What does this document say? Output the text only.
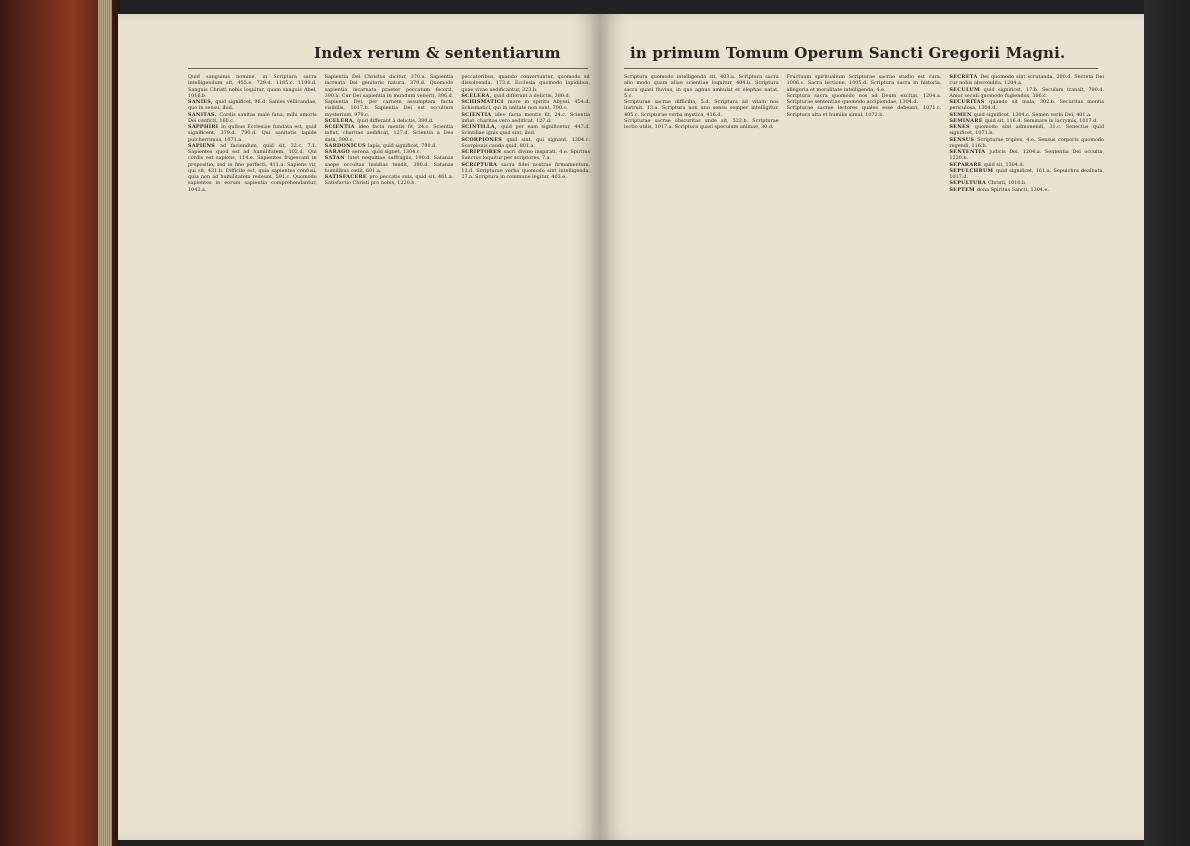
Index rerum & sententiarum

Quid sanguinis nomine, in Scriptura sacra intelligendum sit, 455.e. 729.d. 1185.c. 1190.d. Sanguis Christi nobis loquitur, quam sanguis Abel, 1016.b.

SANIES, quid significet, 96.d. Sanies vellicandae, quo in sensu, ibid.

SANITAS. Cordis sanitas malè fana, mihi amoris Dei conficit, 160.c.

SAPPHIRI in quibus Ecclesiae fundata est, quid significent, 379.d. 790.d. Qui sanitatis lapide pulcherrimus, 1071.a.

SAPIENS ad faciendum, quid sit, 32.c. 7.1. Sapientes quod est ad humilitatem, 102.d. Qui cordis est sapiens, 114.e. Sapientes frigescant in propositio, sed in fine perfecti, 411.a. Sapiens vir, qui sit, 431.b. Difficile est, quia sapientes confusi, quia non ad humilitatem redeunt, 591.c. Quomodo sapientes in eorum sapientia comprehendantur, 1042.a.

Sapientia Dei Christus dicitur, 370.a. Sapientia increata Dei genitoris natura, 379.d. Quomodo sapientia incarnata praeter peccatum fecerit, 390.a. Cur Dei sapientia in mundum venerit, 396.d. Sapientia Dei, per carnem assumptam facta visibilis, 1017.b. Sapientia Dei est occultum mysterium, 979.c.

SCELERA, quid differant à delictis, 380.d.

SCIENTIA ideo facta mentis fit, 24.c. Scientia inflat, charitas aedificat, 127.d. Scientia a Deo data, 390.c.

SARDONICUS lapis, quid significet, 790.d.

SARAGO serena, quid signet, 1304.c.

SATAN latet nequitiae suffragiis, 190.d. Satanas saepe occultas insidias tendit, 390.d. Satanas humilibus cedit, 601.a.

SATISFACERE pro peccatis suis, quid sit, 461.a. Satisfactio Christi pro nobis, 1220.b.

peccatoribus, quando convertuntur, quomodo sit dissolvenda, 173.d. Ecclesia quomodo lapidibus, quae vivae aedificantur, 323.b.

SCELERA, quid differant à delictis, 380.d.

SCHISMATICI more in spiritu Abyssi, 454.d. Schismatici, qui in unitate non sunt, 790.c.

SCIENTIA ideo facta mentis fit, 24.c. Scientia inflat, charitas vero aedificat, 127.d.

SCINTILLA, quid per eam significetur, 447.d. Scintillae ignis quid sint, ibid.

SCORPIONES quid sint, qui signant, 1304.c. Scorpionis cauda quid, 801.a.

SCRIPTORES sacri divino inspirati, 4.e. Spiritus Sanctus loquitur per scriptores, 7.a.

SCRIPTURA sacra fidei nostrae firmamentum, 13.d. Scripturae verba quomodo sint intelligenda, 27.a. Scriptura in commune legitur, 403.e.

in primum Tomum Operum Sancti Gregorii Magni.

Scriptura quomodo intelligenda sit, 403.a. Scriptura sacra alio modo quam aliae scientiae loquitur, 404.b. Scriptura sacra quasi fluvius, in quo agnus ambulat et elephas natat, 5.c.

Scripturae sacrae difficilia, 5.d. Scriptura ad vitam nos instruit, 13.a. Scriptura non uno sensu semper intelligitur, 405.c. Scripturae verba mystica, 416.d.

Scripturae sacrae obscuritas unde sit, 522.b. Scripturae lectio utilis, 1017.a. Scriptura quasi speculum animae, 30.d.

Fructuum spiritualium Scripturae sacrae studio est cura, 1006.c. Sacra lectione, 1005.d. Scriptura sacra in historia, allegoria et moralitate intelligenda, 4.e.

Scriptura sacra quomodo nos ad Deum excitat, 1204.a. Scripturae sententiae quomodo accipiendae, 1304.d.

Scripturae sacrae lectores quales esse debeant, 1071.c. Scriptura alta et humilis simul, 1072.b.

SECRETA Dei quomodo sint scrutanda, 200.d. Secreta Dei cur nobis abscondita, 1204.a.

SECULUM quid significet, 17.b. Seculum transit, 790.d. Amor seculi quomodo fugiendus, 396.c.

SECURITAS quando sit mala, 302.b. Securitas mentis periculosa, 1304.d.

SEMEN quid significet, 1304.c. Semen verbi Dei, 401.a.

SEMINARE quid sit, 116.d. Seminare in lacrymis, 1017.d.

SENES quomodo sint admonendi, 31.c. Senectus quid significet, 1071.b.

SENSUS Scripturae triplex, 4.e. Sensus corporis quomodo regendi, 116.b.

SENTENTIA judicis Dei, 1204.a. Sententia Dei occulta, 1220.b.

SEPARARE quid sit, 1304.d.

SEPULCHRUM quid significet, 161.a. Sepulchra dealbata, 1017.d.

SEPULTURA Christi, 1016.b.

SEPTEM dona Spiritus Sancti, 1304.e.
